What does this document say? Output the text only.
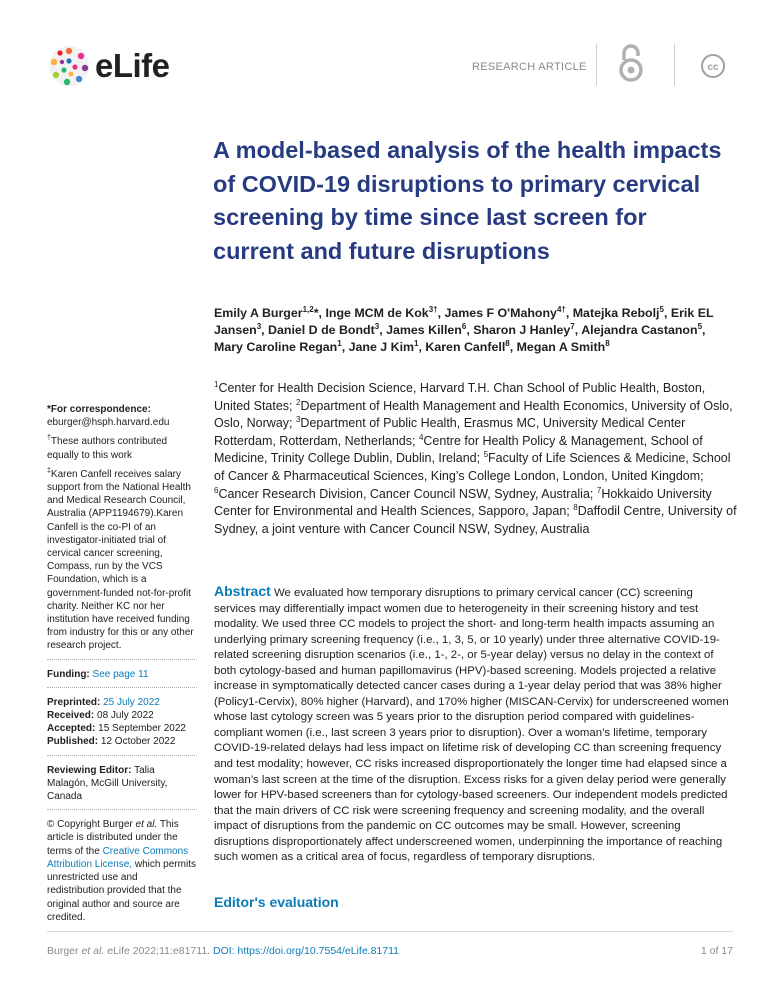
eLife	RESEARCH ARTICLE	cc
A model-based analysis of the health impacts of COVID-19 disruptions to primary cervical screening by time since last screen for current and future disruptions

Emily A Burger$^{1,2}$*, Inge MCM de Kok$^{3\dagger}$, James F O'Mahony$^{4\dagger}$, Matejka Rebolj$^5$, Erik EL Jansen$^3$, Daniel D de Bondt$^3$, James Killen$^6$, Sharon J Hanley$^7$, Alejandra Castanon$^5$, Mary Caroline Regan$^1$, Jane J Kim$^1$, Karen Canfell$^8$, Megan A Smith$^8$

$^1$Center for Health Decision Science, Harvard T.H. Chan School of Public Health, Boston, United States; $^2$Department of Health Management and Health Economics, University of Oslo, Oslo, Norway; $^3$Department of Public Health, Erasmus MC, University Medical Center Rotterdam, Rotterdam, Netherlands; $^4$Centre for Health Policy & Management, School of Medicine, Trinity College Dublin, Dublin, Ireland; $^5$Faculty of Life Sciences & Medicine, School of Cancer & Pharmaceutical Sciences, King’s College London, London, United Kingdom; $^6$Cancer Research Division, Cancer Council NSW, Sydney, Australia; $^7$Hokkaido University Center for Environmental and Health Sciences, Sapporo, Japan; $^8$Daffodil Centre, University of Sydney, a joint venture with Cancer Council NSW, Sydney, Australia

*For correspondence:
eburger@hsph.harvard.edu

†These authors contributed equally to this work

‡Karen Canfell receives salary support from the National Health and Medical Research Council, Australia (APP1194679).Karen Canfell is the co-PI of an investigator-initiated trial of cervical cancer screening, Compass, run by the VCS Foundation, which is a government-funded not-for-profit charity. Neither KC nor her institution have received funding from industry for this or any other research project.

Funding: See page 11

Preprinted: 25 July 2022

Received: 08 July 2022

Accepted: 15 September 2022

Published: 12 October 2022

Reviewing Editor: Talia Malagón, McGill University, Canada

© Copyright Burger et al. This article is distributed under the terms of the Creative Commons Attribution License, which permits unrestricted use and redistribution provided that the original author and source are credited.

Abstract We evaluated how temporary disruptions to primary cervical cancer (CC) screening services may differentially impact women due to heterogeneity in their screening history and test modality. We used three CC models to project the short- and long-term health impacts assuming an underlying primary screening frequency (i.e., 1, 3, 5, or 10 yearly) under three alternative COVID-19-related screening disruption scenarios (i.e., 1-, 2-, or 5-year delay) versus no delay in the context of both cytology-based and human papillomavirus (HPV)-based screening. Models projected a relative increase in symptomatically detected cancer cases during a 1-year delay period that was 38% higher (Policy1-Cervix), 80% higher (Harvard), and 170% higher (MISCAN-Cervix) for underscreened women whose last cytology screen was 5 years prior to the disruption period compared with guidelines-compliant women (i.e., last screen 3 years prior to disruption). Over a woman’s lifetime, temporary COVID-19-related delays had less impact on lifetime risk of developing CC than screening frequency and test modality; however, CC risks increased disproportionately the longer time had elapsed since a woman’s last screen at the time of the disruption. Excess risks for a given delay period were generally lower for HPV-based screeners than for cytology-based screeners. Our independent models predicted that the main drivers of CC risk were screening frequency and screening modality, and the overall impact of disruptions from the pandemic on CC outcomes may be small. However, screening disruptions disproportionately affect underscreened women, underpinning the importance of reaching such women as a critical area of focus, regardless of temporary disruptions.

Editor's evaluation
Burger et al. eLife 2022;11:e81711. DOI: https://doi.org/10.7554/eLife.81711	1 of 17
